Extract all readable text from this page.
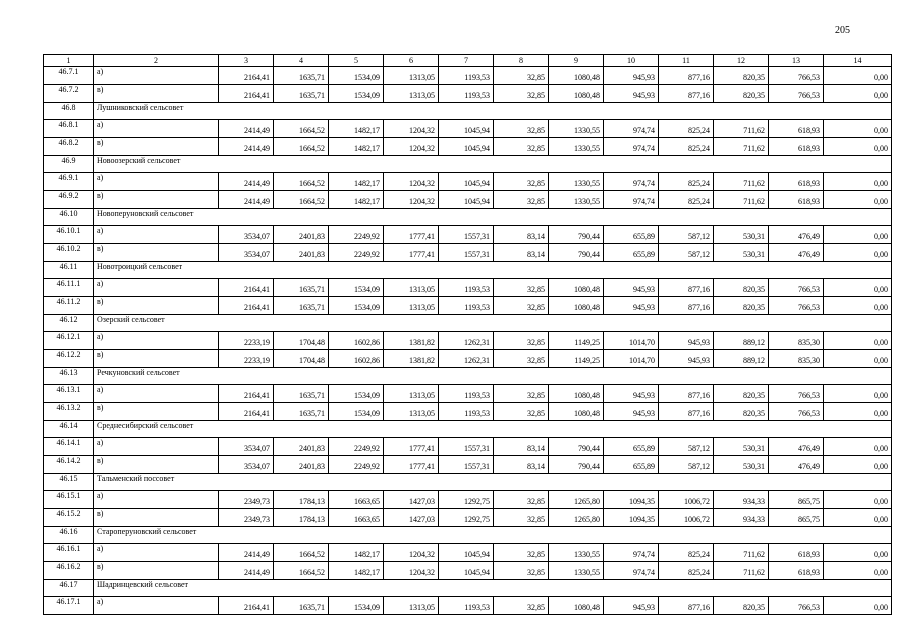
205
1	2	3	4	5	6	7	8	9	10	11	12	13	14
46.7.1	а)	2164,41	1635,71	1534,09	1313,05	1193,53	32,85	1080,48	945,93	877,16	820,35	766,53	0,00
46.7.2	в)	2164,41	1635,71	1534,09	1313,05	1193,53	32,85	1080,48	945,93	877,16	820,35	766,53	0,00
46.8	Лушниковский сельсовет												
46.8.1	а)	2414,49	1664,52	1482,17	1204,32	1045,94	32,85	1330,55	974,74	825,24	711,62	618,93	0,00
46.8.2	в)	2414,49	1664,52	1482,17	1204,32	1045,94	32,85	1330,55	974,74	825,24	711,62	618,93	0,00
46.9	Новоозерский сельсовет												
46.9.1	а)	2414,49	1664,52	1482,17	1204,32	1045,94	32,85	1330,55	974,74	825,24	711,62	618,93	0,00
46.9.2	в)	2414,49	1664,52	1482,17	1204,32	1045,94	32,85	1330,55	974,74	825,24	711,62	618,93	0,00
46.10	Новоперуновский сельсовет												
46.10.1	а)	3534,07	2401,83	2249,92	1777,41	1557,31	83,14	790,44	655,89	587,12	530,31	476,49	0,00
46.10.2	в)	3534,07	2401,83	2249,92	1777,41	1557,31	83,14	790,44	655,89	587,12	530,31	476,49	0,00
46.11	Новотроицкий сельсовет												
46.11.1	а)	2164,41	1635,71	1534,09	1313,05	1193,53	32,85	1080,48	945,93	877,16	820,35	766,53	0,00
46.11.2	в)	2164,41	1635,71	1534,09	1313,05	1193,53	32,85	1080,48	945,93	877,16	820,35	766,53	0,00
46.12	Озерский сельсовет												
46.12.1	а)	2233,19	1704,48	1602,86	1381,82	1262,31	32,85	1149,25	1014,70	945,93	889,12	835,30	0,00
46.12.2	в)	2233,19	1704,48	1602,86	1381,82	1262,31	32,85	1149,25	1014,70	945,93	889,12	835,30	0,00
46.13	Речкуновский сельсовет												
46.13.1	а)	2164,41	1635,71	1534,09	1313,05	1193,53	32,85	1080,48	945,93	877,16	820,35	766,53	0,00
46.13.2	в)	2164,41	1635,71	1534,09	1313,05	1193,53	32,85	1080,48	945,93	877,16	820,35	766,53	0,00
46.14	Среднесибирский сельсовет												
46.14.1	а)	3534,07	2401,83	2249,92	1777,41	1557,31	83,14	790,44	655,89	587,12	530,31	476,49	0,00
46.14.2	в)	3534,07	2401,83	2249,92	1777,41	1557,31	83,14	790,44	655,89	587,12	530,31	476,49	0,00
46.15	Тальменский поссовет												
46.15.1	а)	2349,73	1784,13	1663,65	1427,03	1292,75	32,85	1265,80	1094,35	1006,72	934,33	865,75	0,00
46.15.2	в)	2349,73	1784,13	1663,65	1427,03	1292,75	32,85	1265,80	1094,35	1006,72	934,33	865,75	0,00
46.16	Староперуновский сельсовет												
46.16.1	а)	2414,49	1664,52	1482,17	1204,32	1045,94	32,85	1330,55	974,74	825,24	711,62	618,93	0,00
46.16.2	в)	2414,49	1664,52	1482,17	1204,32	1045,94	32,85	1330,55	974,74	825,24	711,62	618,93	0,00
46.17	Шадринцевский сельсовет												
46.17.1	а)	2164,41	1635,71	1534,09	1313,05	1193,53	32,85	1080,48	945,93	877,16	820,35	766,53	0,00
